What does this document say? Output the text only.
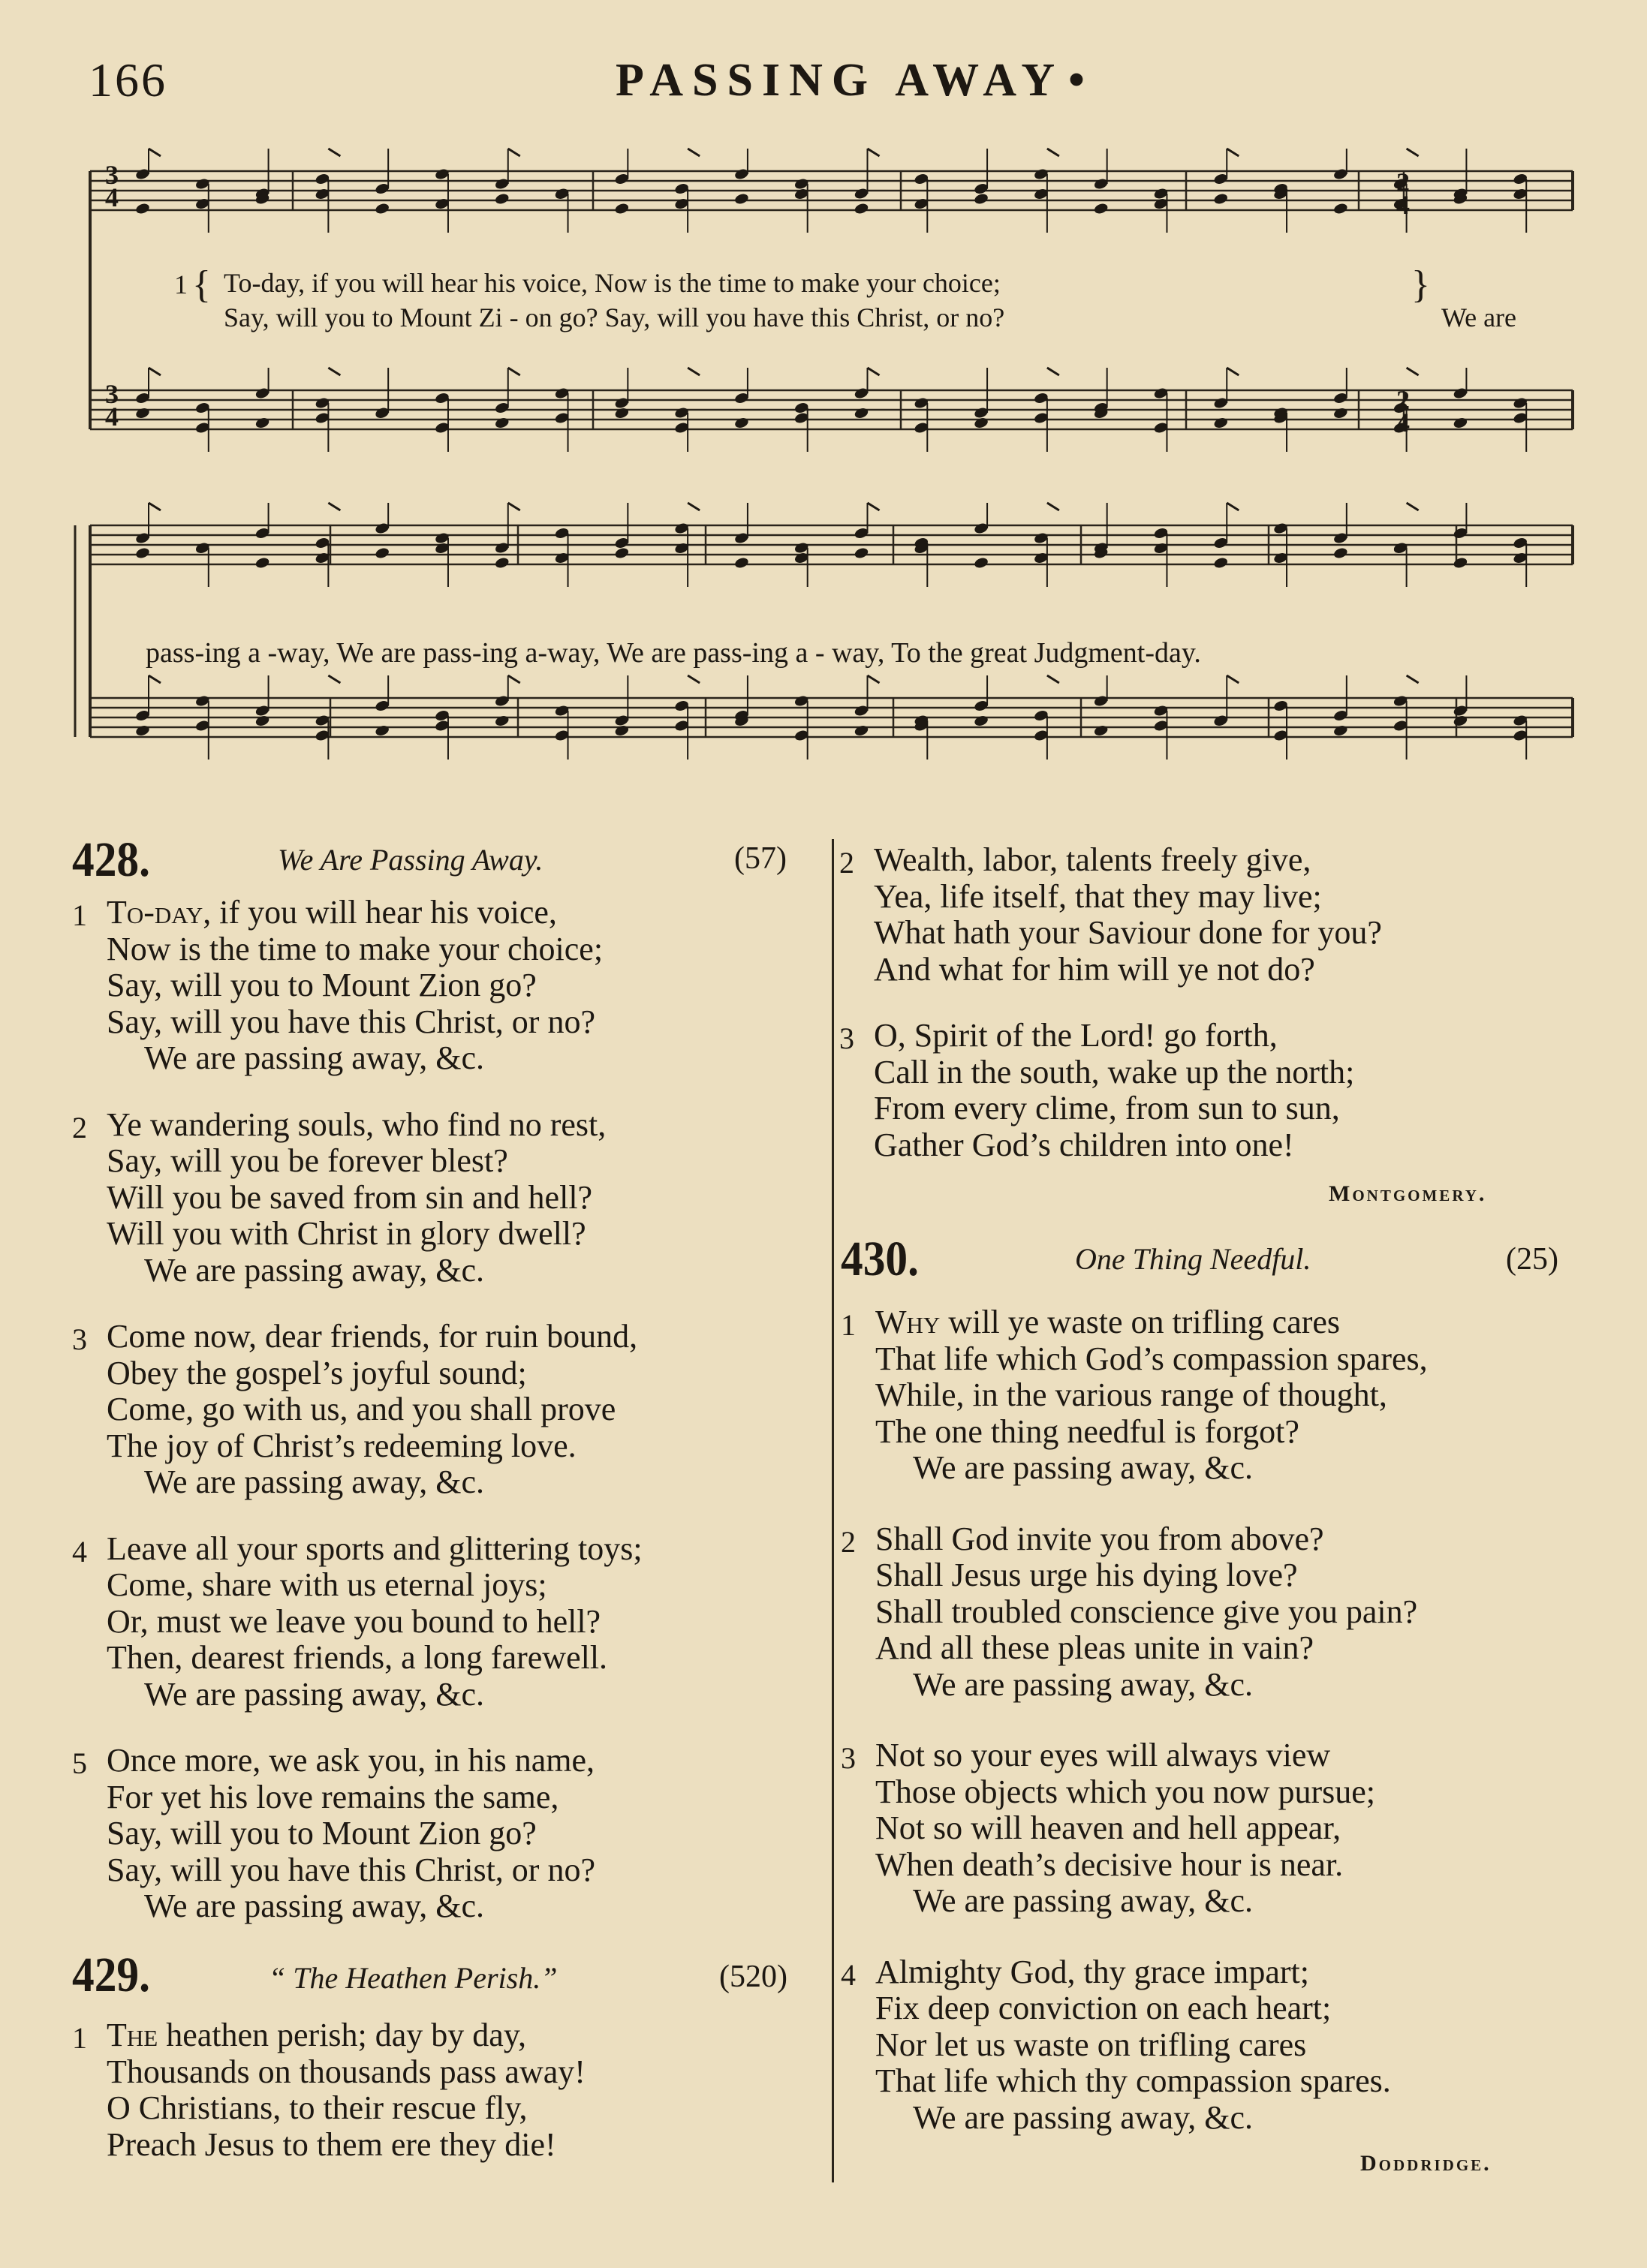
166	PASSING AWAY•
1 { To-day, if you will hear his voice, Now is the time to make your choice;
Say, will you to Mount Zi - on go? Say, will you have this Christ, or no?
}
We are
pass-ing a -way, We are pass-ing a-way, We are pass-ing a - way, To the great Judgment-day.
3
4
3
4
2
4
2
4
428.	We Are Passing Away.	(57)
1 To-day, if you will hear his voice,
Now is the time to make your choice;
Say, will you to Mount Zion go?
Say, will you have this Christ, or no?
We are passing away, &c.
2 Ye wandering souls, who find no rest,
Say, will you be forever blest?
Will you be saved from sin and hell?
Will you with Christ in glory dwell?
We are passing away, &c.
3 Come now, dear friends, for ruin bound,
Obey the gospel’s joyful sound;
Come, go with us, and you shall prove
The joy of Christ’s redeeming love.
We are passing away, &c.
4 Leave all your sports and glittering toys;
Come, share with us eternal joys;
Or, must we leave you bound to hell?
Then, dearest friends, a long farewell.
We are passing away, &c.
5 Once more, we ask you, in his name,
For yet his love remains the same,
Say, will you to Mount Zion go?
Say, will you have this Christ, or no?
We are passing away, &c.
429.	“ The Heathen Perish.”	(520)
1 The heathen perish; day by day,
Thousands on thousands pass away!
O Christians, to their rescue fly,
Preach Jesus to them ere they die!
2 Wealth, labor, talents freely give,
Yea, life itself, that they may live;
What hath your Saviour done for you?
And what for him will ye not do?
3 O, Spirit of the Lord! go forth,
Call in the south, wake up the north;
From every clime, from sun to sun,
Gather God’s children into one!
Montgomery.
430.	One Thing Needful.	(25)
1 Why will ye waste on trifling cares
That life which God’s compassion spares,
While, in the various range of thought,
The one thing needful is forgot?
We are passing away, &c.
2 Shall God invite you from above?
Shall Jesus urge his dying love?
Shall troubled conscience give you pain?
And all these pleas unite in vain?
We are passing away, &c.
3 Not so your eyes will always view
Those objects which you now pursue;
Not so will heaven and hell appear,
When death’s decisive hour is near.
We are passing away, &c.
4 Almighty God, thy grace impart;
Fix deep conviction on each heart;
Nor let us waste on trifling cares
That life which thy compassion spares.
We are passing away, &c.
Doddridge.
